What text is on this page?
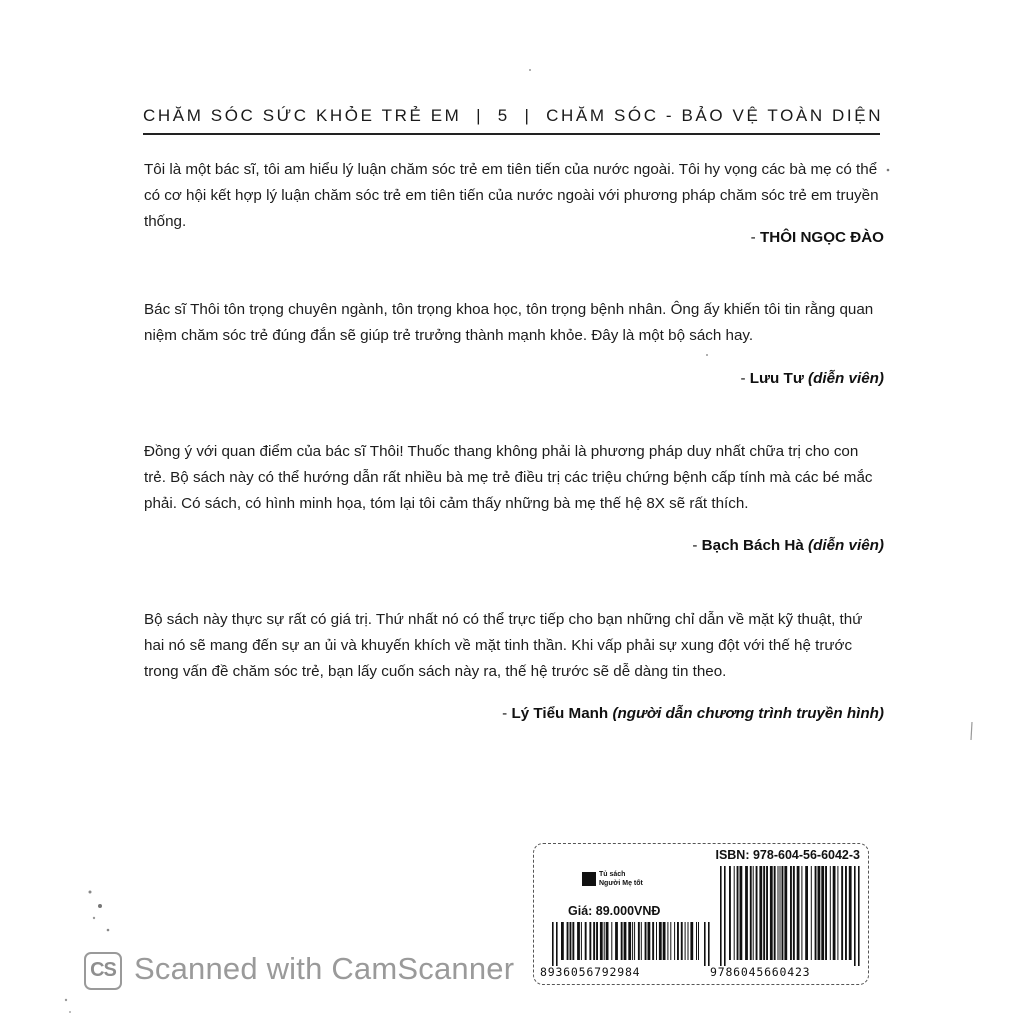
CHĂM SÓC SỨC KHỎE TRẺ EM | 5 | CHĂM SÓC - BẢO VỆ TOÀN DIỆN

Tôi là một bác sĩ, tôi am hiểu lý luận chăm sóc trẻ em tiên tiến của nước ngoài. Tôi hy vọng các bà mẹ có thể có cơ hội kết hợp lý luận chăm sóc trẻ em tiên tiến của nước ngoài với phương pháp chăm sóc trẻ em truyền thống.

- THÔI NGỌC ĐÀO

Bác sĩ Thôi tôn trọng chuyên ngành, tôn trọng khoa học, tôn trọng bệnh nhân. Ông ấy khiến tôi tin rằng quan niệm chăm sóc trẻ đúng đắn sẽ giúp trẻ trưởng thành mạnh khỏe. Đây là một bộ sách hay.

- Lưu Tư (diễn viên)

Đồng ý với quan điểm của bác sĩ Thôi! Thuốc thang không phải là phương pháp duy nhất chữa trị cho con trẻ. Bộ sách này có thể hướng dẫn rất nhiều bà mẹ trẻ điều trị các triệu chứng bệnh cấp tính mà các bé mắc phải. Có sách, có hình minh họa, tóm lại tôi cảm thấy những bà mẹ thế hệ 8X sẽ rất thích.

- Bạch Bách Hà (diễn viên)

Bộ sách này thực sự rất có giá trị. Thứ nhất nó có thể trực tiếp cho bạn những chỉ dẫn về mặt kỹ thuật, thứ hai nó sẽ mang đến sự an ủi và khuyến khích về mặt tinh thần. Khi vấp phải sự xung đột với thế hệ trước trong vấn đề chăm sóc trẻ, bạn lấy cuốn sách này ra, thế hệ trước sẽ dễ dàng tin theo.

- Lý Tiểu Manh (người dẫn chương trình truyền hình)
ISBN: 978-604-56-6042-3
Tủ sách
Người Mẹ tốt
Giá: 89.000VNĐ
8936056792984	9786045660423
CS Scanned with CamScanner
